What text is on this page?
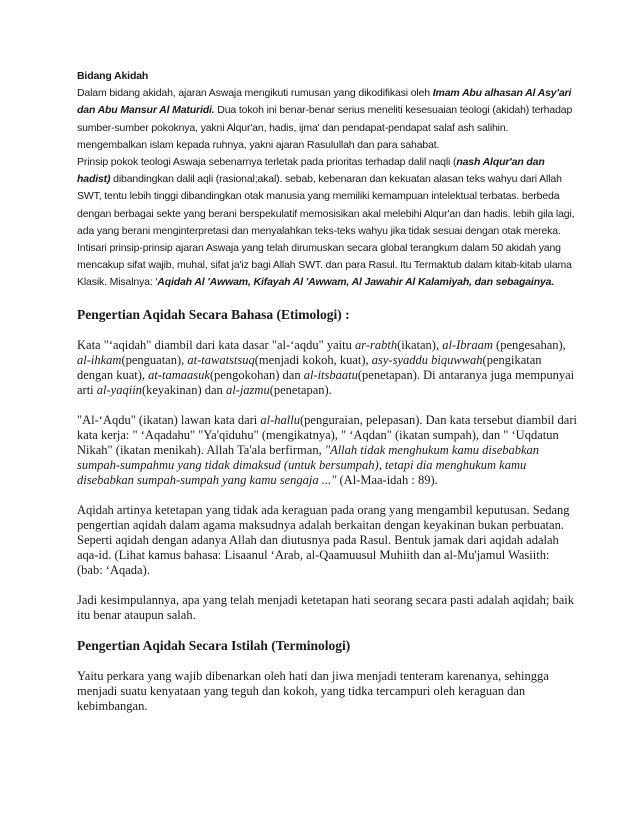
Bidang Akidah

Dalam bidang akidah, ajaran Aswaja mengikuti rumusan yang dikodifikasi oleh Imam Abu alhasan Al Asy'ari dan Abu Mansur Al Maturidi. Dua tokoh ini benar-benar serius meneliti kesesuaian teologi (akidah) terhadap sumber-sumber pokoknya, yakni Alqur'an, hadis, ijma' dan pendapat-pendapat salaf ash salihin. mengembalkan islam kepada ruhnya, yakni ajaran Rasulullah dan para sahabat.

Prinsip pokok teologi Aswaja sebenarnya terletak pada prioritas terhadap dalil naqli (nash Alqur'an dan hadist) dibandingkan dalil aqli (rasional;akal). sebab, kebenaran dan kekuatan alasan teks wahyu dari Allah SWT, tentu lebih tinggi dibandingkan otak manusia yang memiliki kemampuan intelektual terbatas. berbeda dengan berbagai sekte yang berani berspekulatif memosisikan akal melebihi Alqur'an dan hadis. lebih gila lagi, ada yang berani menginterpretasi dan menyalahkan teks-teks wahyu jika tidak sesuai dengan otak mereka.

Intisari prinsip-prinsip ajaran Aswaja yang telah dirumuskan secara global terangkum dalam 50 akidah yang mencakup sifat wajib, muhal, sifat ja'iz bagi Allah SWT. dan para Rasul. Itu Termaktub dalam kitab-kitab ulama Klasik. Misalnya: 'Aqidah Al 'Awwam, Kifayah Al 'Awwam, Al Jawahir Al Kalamiyah, dan sebagainya.

Pengertian Aqidah Secara Bahasa (Etimologi) :

Kata "‘aqidah" diambil dari kata dasar "al-‘aqdu" yaitu ar-rabth(ikatan), al-Ibraam (pengesahan), al-ihkam(penguatan), at-tawatstsuq(menjadi kokoh, kuat), asy-syaddu biquwwah(pengikatan dengan kuat), at-tamaasuk(pengokohan) dan al-itsbaatu(penetapan). Di antaranya juga mempunyai arti al-yaqiin(keyakinan) dan al-jazmu(penetapan).

"Al-‘Aqdu" (ikatan) lawan kata dari al-hallu(penguraian, pelepasan). Dan kata tersebut diambil dari kata kerja: " ‘Aqadahu" "Ya'qiduhu" (mengikatnya), " ‘Aqdan" (ikatan sumpah), dan " ‘Uqdatun Nikah" (ikatan menikah). Allah Ta'ala berfirman, "Allah tidak menghukum kamu disebabkan sumpah-sumpahmu yang tidak dimaksud (untuk bersumpah), tetapi dia menghukum kamu disebabkan sumpah-sumpah yang kamu sengaja ..." (Al-Maa-idah : 89).

Aqidah artinya ketetapan yang tidak ada keraguan pada orang yang mengambil keputusan. Sedang pengertian aqidah dalam agama maksudnya adalah berkaitan dengan keyakinan bukan perbuatan. Seperti aqidah dengan adanya Allah dan diutusnya pada Rasul. Bentuk jamak dari aqidah adalah aqa-id. (Lihat kamus bahasa: Lisaanul ‘Arab, al-Qaamuusul Muhiith dan al-Mu'jamul Wasiith: (bab: ‘Aqada).

Jadi kesimpulannya, apa yang telah menjadi ketetapan hati seorang secara pasti adalah aqidah; baik itu benar ataupun salah.

Pengertian Aqidah Secara Istilah (Terminologi)

Yaitu perkara yang wajib dibenarkan oleh hati dan jiwa menjadi tenteram karenanya, sehingga menjadi suatu kenyataan yang teguh dan kokoh, yang tidka tercampuri oleh keraguan dan kebimbangan.
